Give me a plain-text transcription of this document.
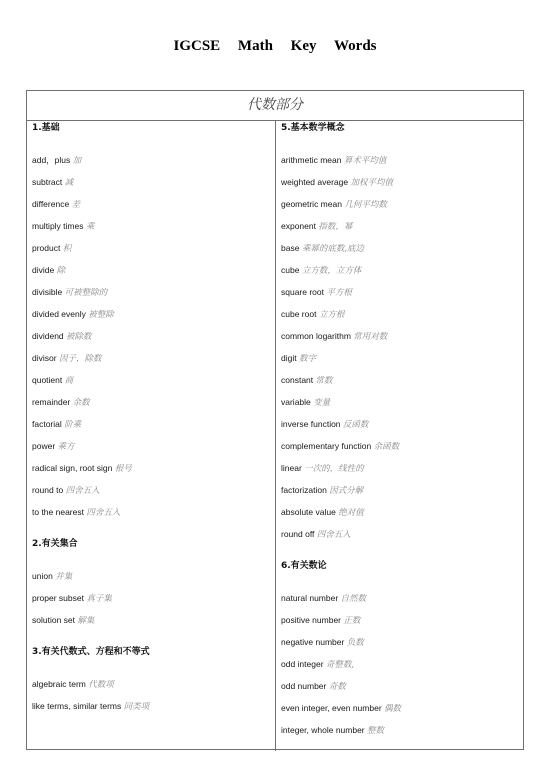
IGCSE Math Key Words
代数部分
1.基础
add，plus 加
subtract 减
difference 差
multiply times 乘
product 积
divide 除
divisible 可被整除的
divided evenly 被整除
dividend 被除数
divisor 因子，除数
quotient 商
remainder 余数
factorial 阶乘
power 乘方
radical sign, root sign 根号
round to 四舍五入
to the nearest 四舍五入
2.有关集合
union 并集
proper subset 真子集
solution set 解集
3.有关代数式、方程和不等式
algebraic term 代数项
like terms, similar terms 同类项
5.基本数学概念
arithmetic mean 算术平均值
weighted average 加权平均值
geometric mean 几何平均数
exponent 指数，幂
base 乘幂的底数,底边
cube 立方数，立方体
square root 平方根
cube root 立方根
common logarithm 常用对数
digit 数字
constant 常数
variable 变量
inverse function 反函数
complementary function 余函数
linear 一次的，线性的
factorization 因式分解
absolute value 绝对值
round off 四舍五入
6.有关数论
natural number 自然数
positive number 正数
negative number 负数
odd integer 奇整数,
odd number 奇数
even integer, even number 偶数
integer, whole number 整数
